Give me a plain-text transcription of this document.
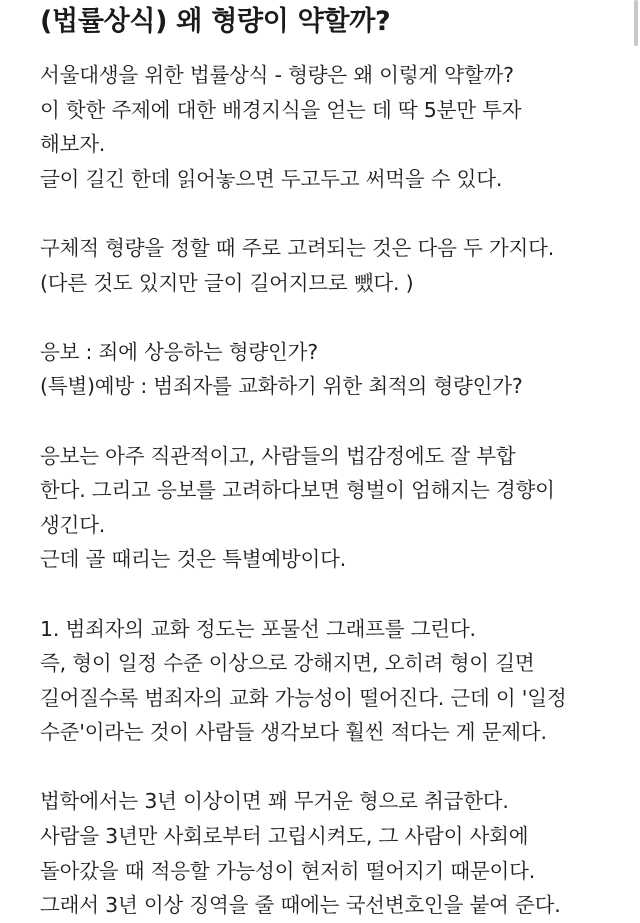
(법률상식) 왜 형량이 약할까?
서울대생을 위한 법률상식 - 형량은 왜 이렇게 약할까?
이 핫한 주제에 대한 배경지식을 얻는 데 딱 5분만 투자
해보자.
글이 길긴 한데 읽어놓으면 두고두고 써먹을 수 있다.
구체적 형량을 정할 때 주로 고려되는 것은 다음 두 가지다.
(다른 것도 있지만 글이 길어지므로 뺐다. )
응보 : 죄에 상응하는 형량인가?
(특별)예방 : 범죄자를 교화하기 위한 최적의 형량인가?
응보는 아주 직관적이고, 사람들의 법감정에도 잘 부합
한다. 그리고 응보를 고려하다보면 형벌이 엄해지는 경향이
생긴다.
근데 골 때리는 것은 특별예방이다.
1. 범죄자의 교화 정도는 포물선 그래프를 그린다.
즉, 형이 일정 수준 이상으로 강해지면, 오히려 형이 길면
길어질수록 범죄자의 교화 가능성이 떨어진다. 근데 이 '일정
수준'이라는 것이 사람들 생각보다 훨씬 적다는 게 문제다.
법학에서는 3년 이상이면 꽤 무거운 형으로 취급한다.
사람을 3년만 사회로부터 고립시켜도, 그 사람이 사회에
돌아갔을 때 적응할 가능성이 현저히 떨어지기 때문이다.
그래서 3년 이상 징역을 줄 때에는 국선변호인을 붙여 준다.
